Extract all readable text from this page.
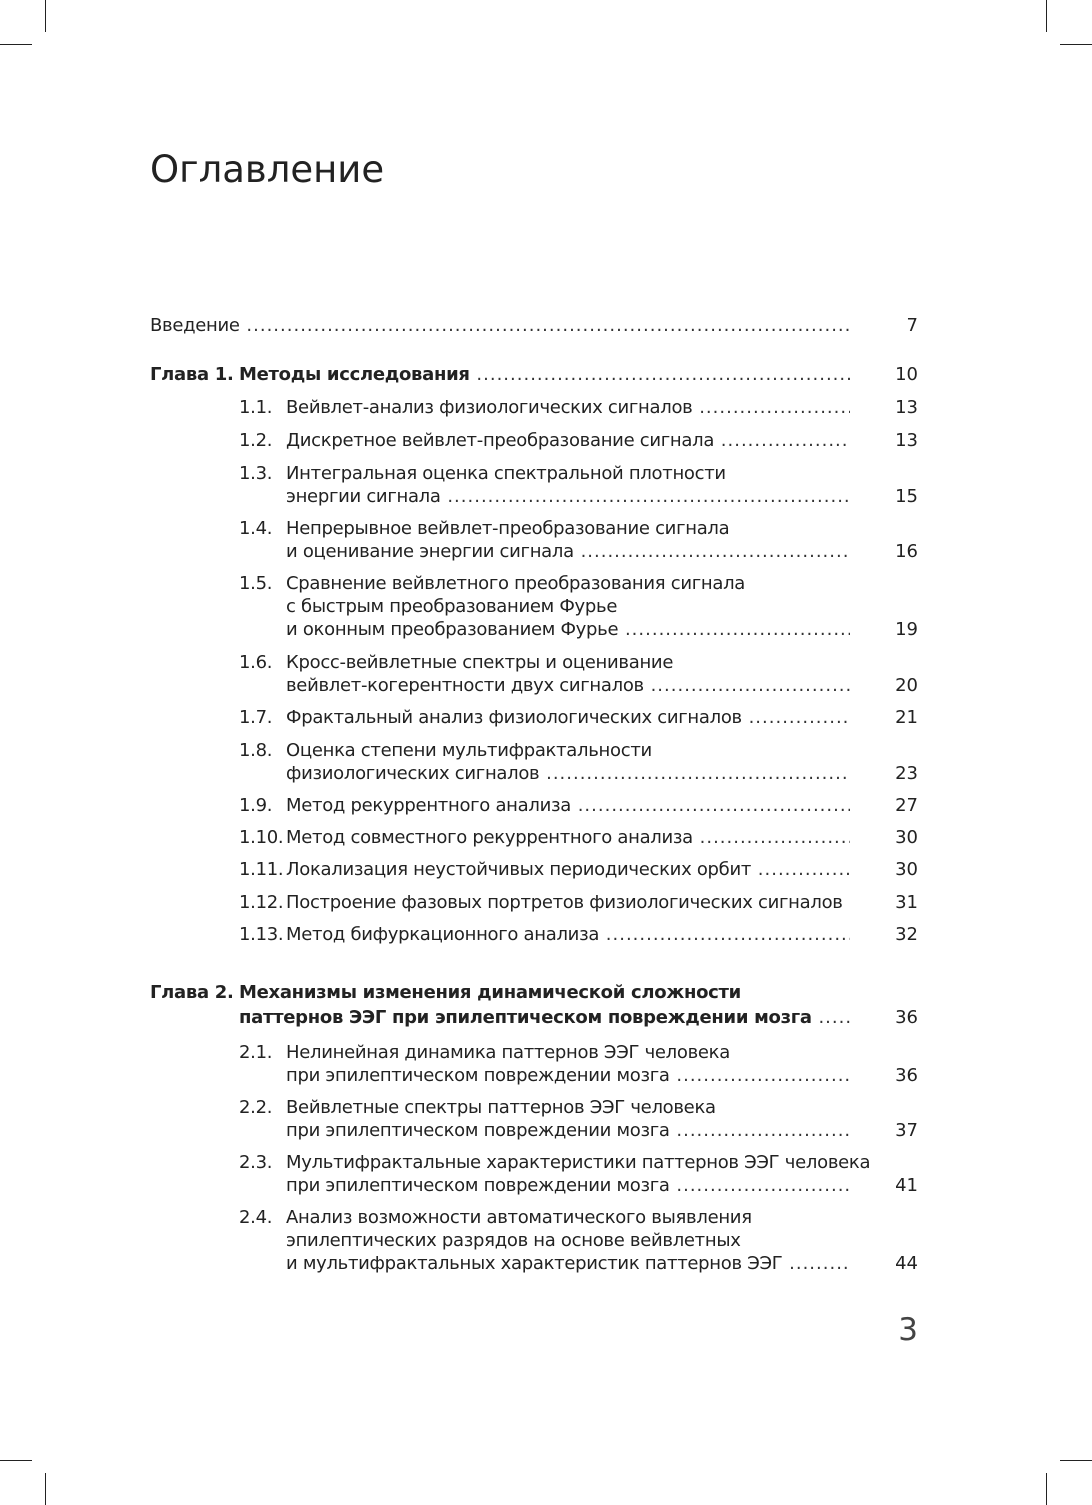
Оглавление
Введение .....	7
Глава 1. Методы исследования .....	10
1.1. Вейвлет-анализ физиологических сигналов .....	13
1.2. Дискретное вейвлет-преобразование сигнала .....	13
1.3. Интегральная оценка спектральной плотности
энергии сигнала .....	15
1.4. Непрерывное вейвлет-преобразование сигнала
и оценивание энергии сигнала .....	16
1.5. Сравнение вейвлетного преобразования сигнала
с быстрым преобразованием Фурье
и оконным преобразованием Фурье .....	19
1.6. Кросс-вейвлетные спектры и оценивание
вейвлет-когерентности двух сигналов .....	20
1.7. Фрактальный анализ физиологических сигналов .....	21
1.8. Оценка степени мультифрактальности
физиологических сигналов .....	23
1.9. Метод рекуррентного анализа .....	27
1.10. Метод совместного рекуррентного анализа .....	30
1.11. Локализация неустойчивых периодических орбит .....	30
1.12. Построение фазовых портретов физиологических сигналов .....	31
1.13. Метод бифуркационного анализа .....	32
Глава 2. Механизмы изменения динамической сложности
паттернов ЭЭГ при эпилептическом повреждении мозга .....	36
2.1. Нелинейная динамика паттернов ЭЭГ человека
при эпилептическом повреждении мозга .....	36
2.2. Вейвлетные спектры паттернов ЭЭГ человека
при эпилептическом повреждении мозга .....	37
2.3. Мультифрактальные характеристики паттернов ЭЭГ человека
при эпилептическом повреждении мозга .....	41
2.4. Анализ возможности автоматического выявления
эпилептических разрядов на основе вейвлетных
и мультифрактальных характеристик паттернов ЭЭГ .....	44
3
